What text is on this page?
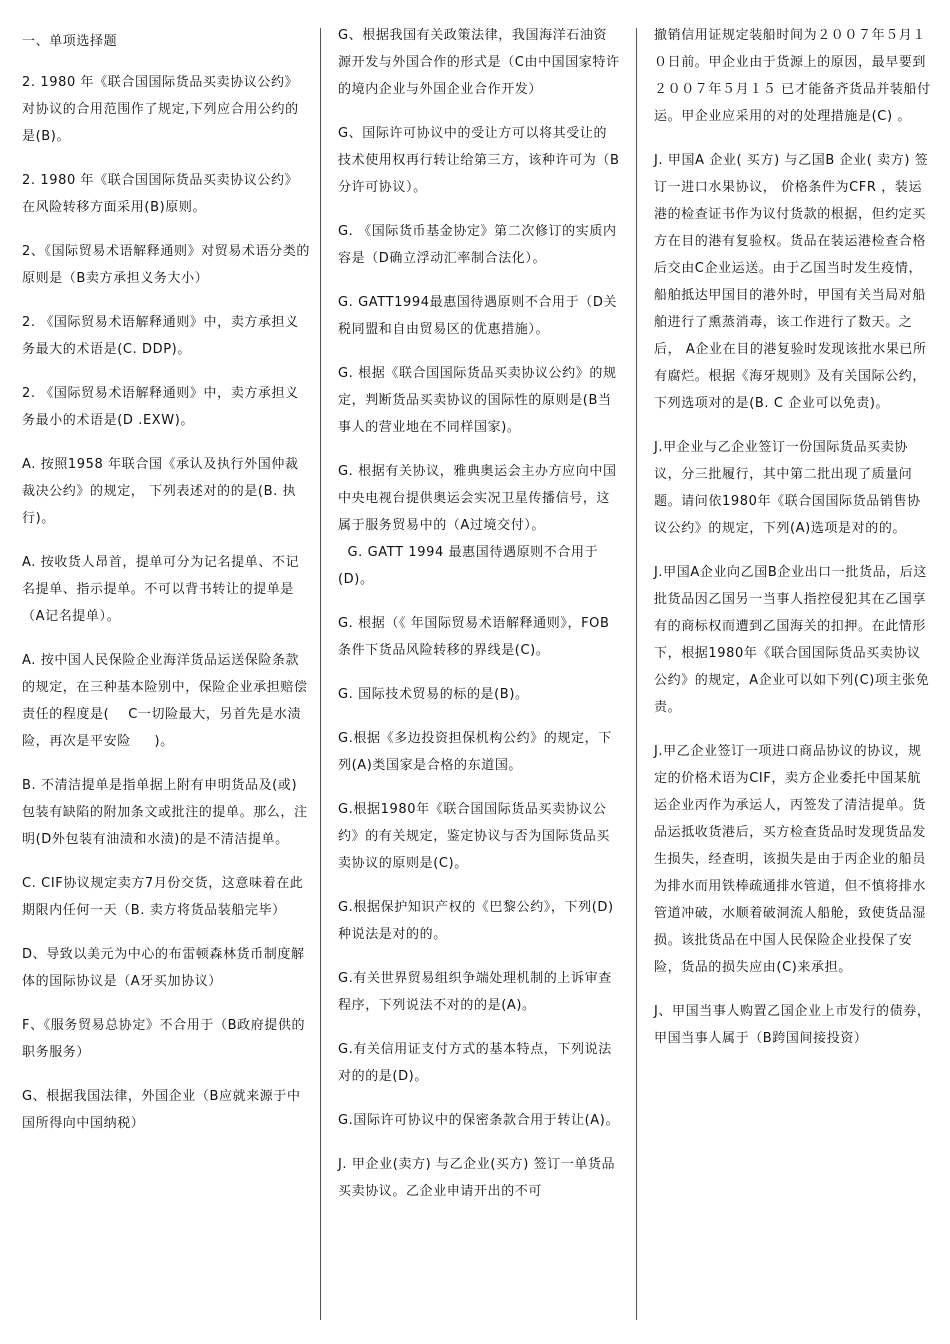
一、单项选择题
2. 1980 年《联合国国际货品买卖协议公约》对协议的合用范围作了规定,下列应合用公约的是(B)。
2. 1980 年《联合国国际货品买卖协议公约》在风险转移方面采用(B)原则。
2、《国际贸易术语解释通则》对贸易术语分类的原则是（B卖方承担义务大小）
2. 《国际贸易术语解释通则》中，卖方承担义务最大的术语是(C. DDP)。
2. 《国际贸易术语解释通则》中，卖方承担义务最小的术语是(D .EXW)。
A. 按照1958 年联合国《承认及执行外国仲裁裁决公约》的规定， 下列表述对的的是(B. 执行)。
A. 按收货人昂首，提单可分为记名提单、不记名提单、指示提单。不可以背书转让的提单是（A记名提单）。
A. 按中国人民保险企业海洋货品运送保险条款的规定，在三种基本险别中，保险企业承担赔偿责任的程度是(    C一切险最大，另首先是水渍险，再次是平安险     )。
B. 不清洁提单是指单据上附有申明货品及(或)包装有缺陷的附加条文或批注的提单。那么，注明(D外包装有油渍和水渍)的是不清洁提单。
C. CIF协议规定卖方7月份交货，这意味着在此期限内任何一天（B. 卖方将货品装船完毕）
D、导致以美元为中心的布雷顿森林货币制度解体的国际协议是（A牙买加协议）
F、《服务贸易总协定》不合用于（B政府提供的职务服务）
G、根据我国法律，外国企业（B应就来源于中国所得向中国纳税）
G、根据我国有关政策法律，我国海洋石油资源开发与外国合作的形式是（C由中国国家特许的境内企业与外国企业合作开发）
G、国际许可协议中的受让方可以将其受让的技术使用权再行转让给第三方，该种许可为（B分许可协议）。
G. 《国际货币基金协定》第二次修订的实质内容是（D确立浮动汇率制合法化）。
G. GATT1994最惠国待遇原则不合用于（D关税同盟和自由贸易区的优惠措施）。
G. 根据《联合国国际货品买卖协议公约》的规定，判断货品买卖协议的国际性的原则是(B当事人的营业地在不同样国家)。
G. 根据有关协议，雅典奥运会主办方应向中国中央电视台提供奥运会实况卫星传播信号，这属于服务贸易中的（A过境交付）。
G. GATT 1994 最惠国待遇原则不合用于(D)。
G. 根据（《 年国际贸易术语解释通则》，FOB 条件下货品风险转移的界线是(C)。
G. 国际技术贸易的标的是(B)。
G.根据《多边投资担保机构公约》的规定，下列(A)类国家是合格的东道国。
G.根据1980年《联合国国际货品买卖协议公约》的有关规定，鉴定协议与否为国际货品买卖协议的原则是(C)。
G.根据保护知识产权的《巴黎公约》，下列(D)种说法是对的的。
G.有关世界贸易组织争端处理机制的上诉审查程序，下列说法不对的的是(A)。
G.有关信用证支付方式的基本特点，下列说法对的的是(D)。
G.国际许可协议中的保密条款合用于转让(A)。
J. 甲企业(卖方) 与乙企业(买方) 签订一单货品买卖协议。乙企业申请开出的不可
撤销信用证规定装船时间为２００７年５月１０日前。甲企业由于货源上的原因，最早要到２００７年５月１５ 已才能备齐货品并装船付运。甲企业应采用的对的处理措施是(C) 。
J. 甲国A 企业( 买方) 与乙国B 企业( 卖方) 签订一进口水果协议， 价格条件为CFR ，装运港的检查证书作为议付货款的根据，但约定买方在目的港有复验权。货品在装运港检查合格后交由C企业运送。由于乙国当时发生疫情，船舶抵达甲国目的港外时，甲国有关当局对船舶进行了熏蒸消毒，该工作进行了数天。之后， A企业在目的港复验时发现该批水果已所有腐烂。根据《海牙规则》及有关国际公约，下列选项对的是(B. C 企业可以免责)。
J.甲企业与乙企业签订一份国际货品买卖协议，分三批履行，其中第二批出现了质量问题。请问依1980年《联合国国际货品销售协议公约》的规定，下列(A)选项是对的的。
J.甲国A企业向乙国B企业出口一批货品，后这批货品因乙国另一当事人指控侵犯其在乙国享有的商标权而遭到乙国海关的扣押。在此情形下，根据1980年《联合国国际货品买卖协议公约》的规定，A企业可以如下列(C)项主张免责。
J.甲乙企业签订一项进口商品协议的协议，规定的价格术语为CIF，卖方企业委托中国某航运企业丙作为承运人，丙签发了清洁提单。货品运抵收货港后，买方检查货品时发现货品发生损失，经查明，该损失是由于丙企业的船员为排水而用铁棒疏通排水管道，但不慎将排水管道冲破，水顺着破洞流人船舱，致使货品湿损。该批货品在中国人民保险企业投保了安险，货品的损失应由(C)来承担。
J、甲国当事人购置乙国企业上市发行的债券，甲国当事人属于（B跨国间接投资）
